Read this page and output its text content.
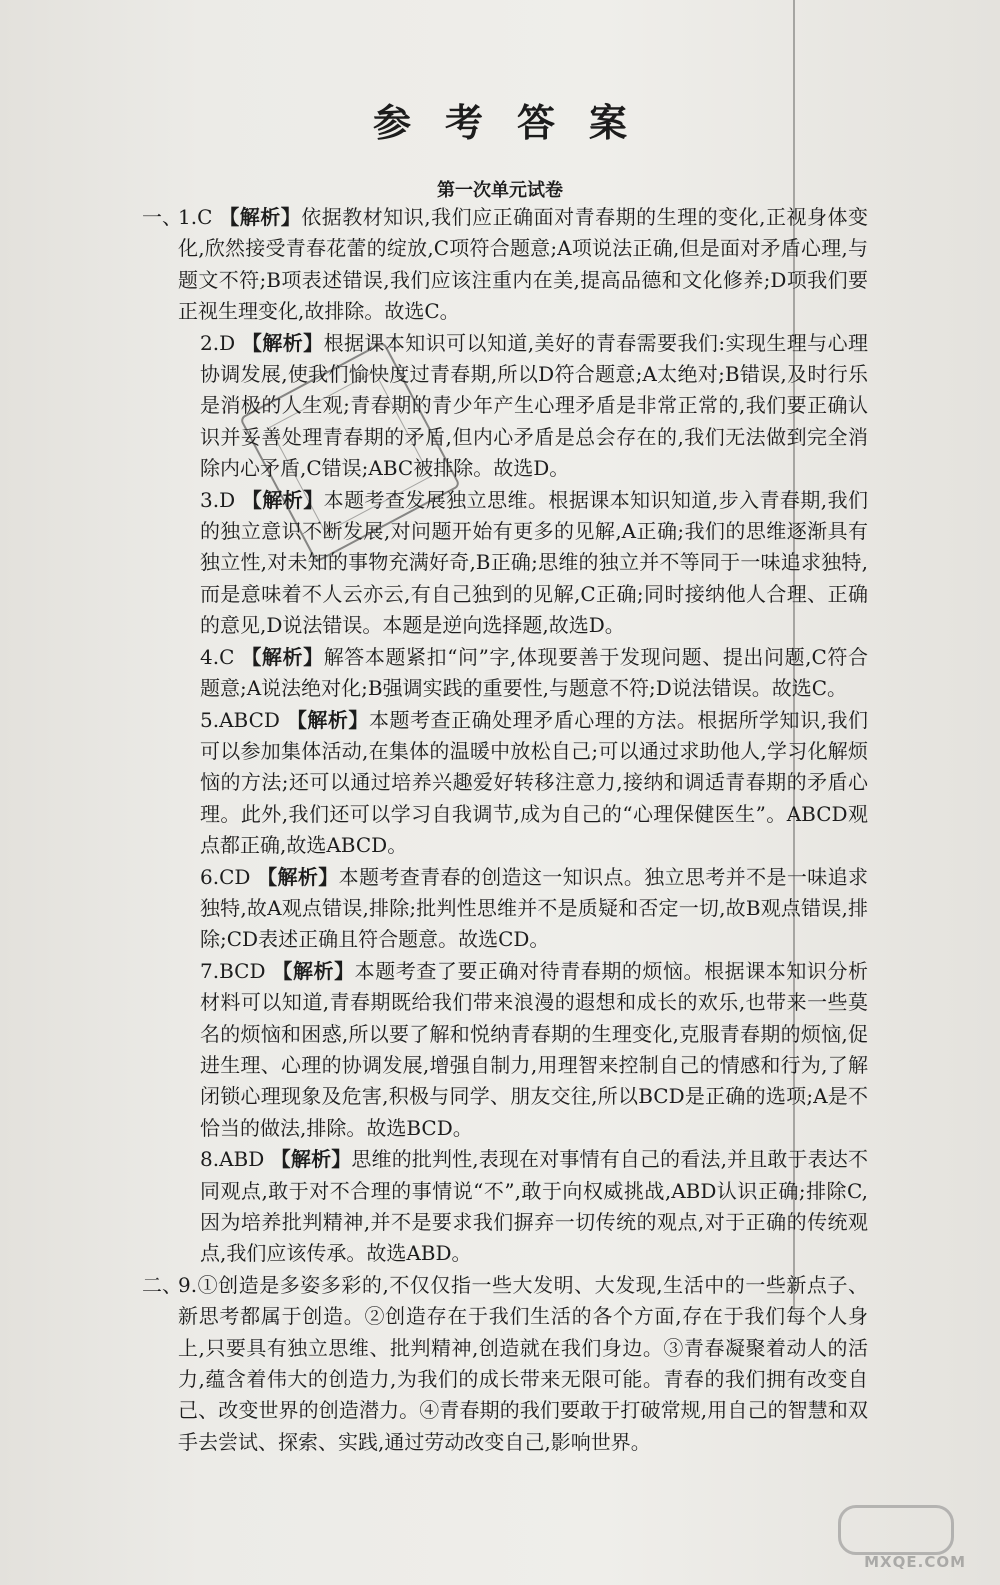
参考答案
第一次单元试卷
一、

1.C 【解析】依据教材知识,我们应正确面对青春期的生理的变化,正视身体变化,欣然接受青春花蕾的绽放,C项符合题意;A项说法正确,但是面对矛盾心理,与题文不符;B项表述错误,我们应该注重内在美,提高品德和文化修养;D项我们要正视生理变化,故排除。故选C。

2.D 【解析】根据课本知识可以知道,美好的青春需要我们:实现生理与心理协调发展,使我们愉快度过青春期,所以D符合题意;A太绝对;B错误,及时行乐是消极的人生观;青春期的青少年产生心理矛盾是非常正常的,我们要正确认识并妥善处理青春期的矛盾,但内心矛盾是总会存在的,我们无法做到完全消除内心矛盾,C错误;ABC被排除。故选D。

3.D 【解析】本题考查发展独立思维。根据课本知识知道,步入青春期,我们的独立意识不断发展,对问题开始有更多的见解,A正确;我们的思维逐渐具有独立性,对未知的事物充满好奇,B正确;思维的独立并不等同于一味追求独特,而是意味着不人云亦云,有自己独到的见解,C正确;同时接纳他人合理、正确的意见,D说法错误。本题是逆向选择题,故选D。

4.C 【解析】解答本题紧扣“问”字,体现要善于发现问题、提出问题,C符合题意;A说法绝对化;B强调实践的重要性,与题意不符;D说法错误。故选C。

5.ABCD 【解析】本题考查正确处理矛盾心理的方法。根据所学知识,我们可以参加集体活动,在集体的温暖中放松自己;可以通过求助他人,学习化解烦恼的方法;还可以通过培养兴趣爱好转移注意力,接纳和调适青春期的矛盾心理。此外,我们还可以学习自我调节,成为自己的“心理保健医生”。ABCD观点都正确,故选ABCD。

6.CD 【解析】本题考查青春的创造这一知识点。独立思考并不是一味追求独特,故A观点错误,排除;批判性思维并不是质疑和否定一切,故B观点错误,排除;CD表述正确且符合题意。故选CD。

7.BCD 【解析】本题考查了要正确对待青春期的烦恼。根据课本知识分析材料可以知道,青春期既给我们带来浪漫的遐想和成长的欢乐,也带来一些莫名的烦恼和困惑,所以要了解和悦纳青春期的生理变化,克服青春期的烦恼,促进生理、心理的协调发展,增强自制力,用理智来控制自己的情感和行为,了解闭锁心理现象及危害,积极与同学、朋友交往,所以BCD是正确的选项;A是不恰当的做法,排除。故选BCD。

8.ABD 【解析】思维的批判性,表现在对事情有自己的看法,并且敢于表达不同观点,敢于对不合理的事情说“不”,敢于向权威挑战,ABD认识正确;排除C,因为培养批判精神,并不是要求我们摒弃一切传统的观点,对于正确的传统观点,我们应该传承。故选ABD。

二、

9.①创造是多姿多彩的,不仅仅指一些大发明、大发现,生活中的一些新点子、新思考都属于创造。②创造存在于我们生活的各个方面,存在于我们每个人身上,只要具有独立思维、批判精神,创造就在我们身边。③青春凝聚着动人的活力,蕴含着伟大的创造力,为我们的成长带来无限可能。青春的我们拥有改变自己、改变世界的创造潜力。④青春期的我们要敢于打破常规,用自己的智慧和双手去尝试、探索、实践,通过劳动改变自己,影响世界。

MXQE.COM
